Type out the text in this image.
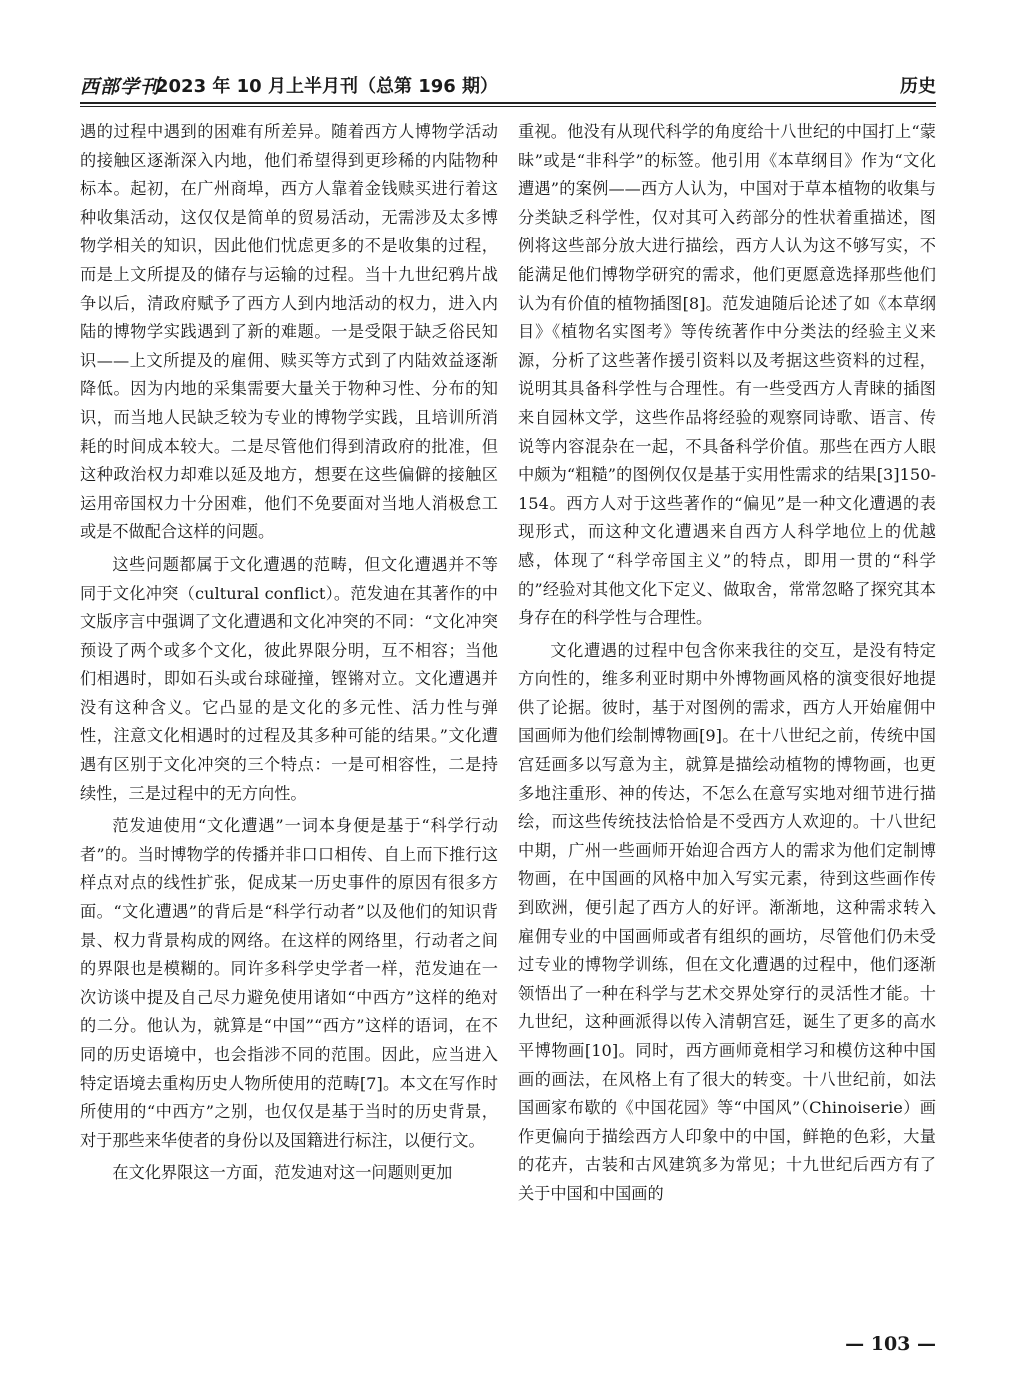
西部学刊
2023 年 10 月上半月刊（总第 196 期）	历史

遇的过程中遇到的困难有所差异。随着西方人博物学活动的接触区逐渐深入内地，他们希望得到更珍稀的内陆物种标本。起初，在广州商埠，西方人靠着金钱赎买进行着这种收集活动，这仅仅是简单的贸易活动，无需涉及太多博物学相关的知识，因此他们忧虑更多的不是收集的过程，而是上文所提及的储存与运输的过程。当十九世纪鸦片战争以后，清政府赋予了西方人到内地活动的权力，进入内陆的博物学实践遇到了新的难题。一是受限于缺乏俗民知识——上文所提及的雇佣、赎买等方式到了内陆效益逐渐降低。因为内地的采集需要大量关于物种习性、分布的知识，而当地人民缺乏较为专业的博物学实践，且培训所消耗的时间成本较大。二是尽管他们得到清政府的批准，但这种政治权力却难以延及地方，想要在这些偏僻的接触区运用帝国权力十分困难，他们不免要面对当地人消极怠工或是不做配合这样的问题。

这些问题都属于文化遭遇的范畴，但文化遭遇并不等同于文化冲突（cultural conflict）。范发迪在其著作的中文版序言中强调了文化遭遇和文化冲突的不同：“文化冲突预设了两个或多个文化，彼此界限分明，互不相容；当他们相遇时，即如石头或台球碰撞，铿锵对立。文化遭遇并没有这种含义。它凸显的是文化的多元性、活力性与弹性，注意文化相遇时的过程及其多种可能的结果。”文化遭遇有区别于文化冲突的三个特点：一是可相容性，二是持续性，三是过程中的无方向性。

范发迪使用“文化遭遇”一词本身便是基于“科学行动者”的。当时博物学的传播并非口口相传、自上而下推行这样点对点的线性扩张，促成某一历史事件的原因有很多方面。“文化遭遇”的背后是“科学行动者”以及他们的知识背景、权力背景构成的网络。在这样的网络里，行动者之间的界限也是模糊的。同许多科学史学者一样，范发迪在一次访谈中提及自己尽力避免使用诸如“中西方”这样的绝对的二分。他认为，就算是“中国”“西方”这样的语词，在不同的历史语境中，也会指涉不同的范围。因此，应当进入特定语境去重构历史人物所使用的范畴[7]。本文在写作时所使用的“中西方”之别，也仅仅是基于当时的历史背景，对于那些来华使者的身份以及国籍进行标注，以便行文。

在文化界限这一方面，范发迪对这一问题则更加

重视。他没有从现代科学的角度给十八世纪的中国打上“蒙昧”或是“非科学”的标签。他引用《本草纲目》作为“文化遭遇”的案例——西方人认为，中国对于草本植物的收集与分类缺乏科学性，仅对其可入药部分的性状着重描述，图例将这些部分放大进行描绘，西方人认为这不够写实，不能满足他们博物学研究的需求，他们更愿意选择那些他们认为有价值的植物插图[8]。范发迪随后论述了如《本草纲目》《植物名实图考》等传统著作中分类法的经验主义来源，分析了这些著作援引资料以及考据这些资料的过程，说明其具备科学性与合理性。有一些受西方人青睐的插图来自园林文学，这些作品将经验的观察同诗歌、语言、传说等内容混杂在一起，不具备科学价值。那些在西方人眼中颇为“粗糙”的图例仅仅是基于实用性需求的结果[3]150-154。西方人对于这些著作的“偏见”是一种文化遭遇的表现形式，而这种文化遭遇来自西方人科学地位上的优越感，体现了“科学帝国主义”的特点，即用一贯的“科学的”经验对其他文化下定义、做取舍，常常忽略了探究其本身存在的科学性与合理性。

文化遭遇的过程中包含你来我往的交互，是没有特定方向性的，维多利亚时期中外博物画风格的演变很好地提供了论据。彼时，基于对图例的需求，西方人开始雇佣中国画师为他们绘制博物画[9]。在十八世纪之前，传统中国宫廷画多以写意为主，就算是描绘动植物的博物画，也更多地注重形、神的传达，不怎么在意写实地对细节进行描绘，而这些传统技法恰恰是不受西方人欢迎的。十八世纪中期，广州一些画师开始迎合西方人的需求为他们定制博物画，在中国画的风格中加入写实元素，待到这些画作传到欧洲，便引起了西方人的好评。渐渐地，这种需求转入雇佣专业的中国画师或者有组织的画坊，尽管他们仍未受过专业的博物学训练，但在文化遭遇的过程中，他们逐渐领悟出了一种在科学与艺术交界处穿行的灵活性才能。十九世纪，这种画派得以传入清朝宫廷，诞生了更多的高水平博物画[10]。同时，西方画师竟相学习和模仿这种中国画的画法，在风格上有了很大的转变。十八世纪前，如法国画家布歇的《中国花园》等“中国风”（Chinoiserie）画作更偏向于描绘西方人印象中的中国，鲜艳的色彩，大量的花卉，古装和古风建筑多为常见；十九世纪后西方有了关于中国和中国画的

— 103 —
